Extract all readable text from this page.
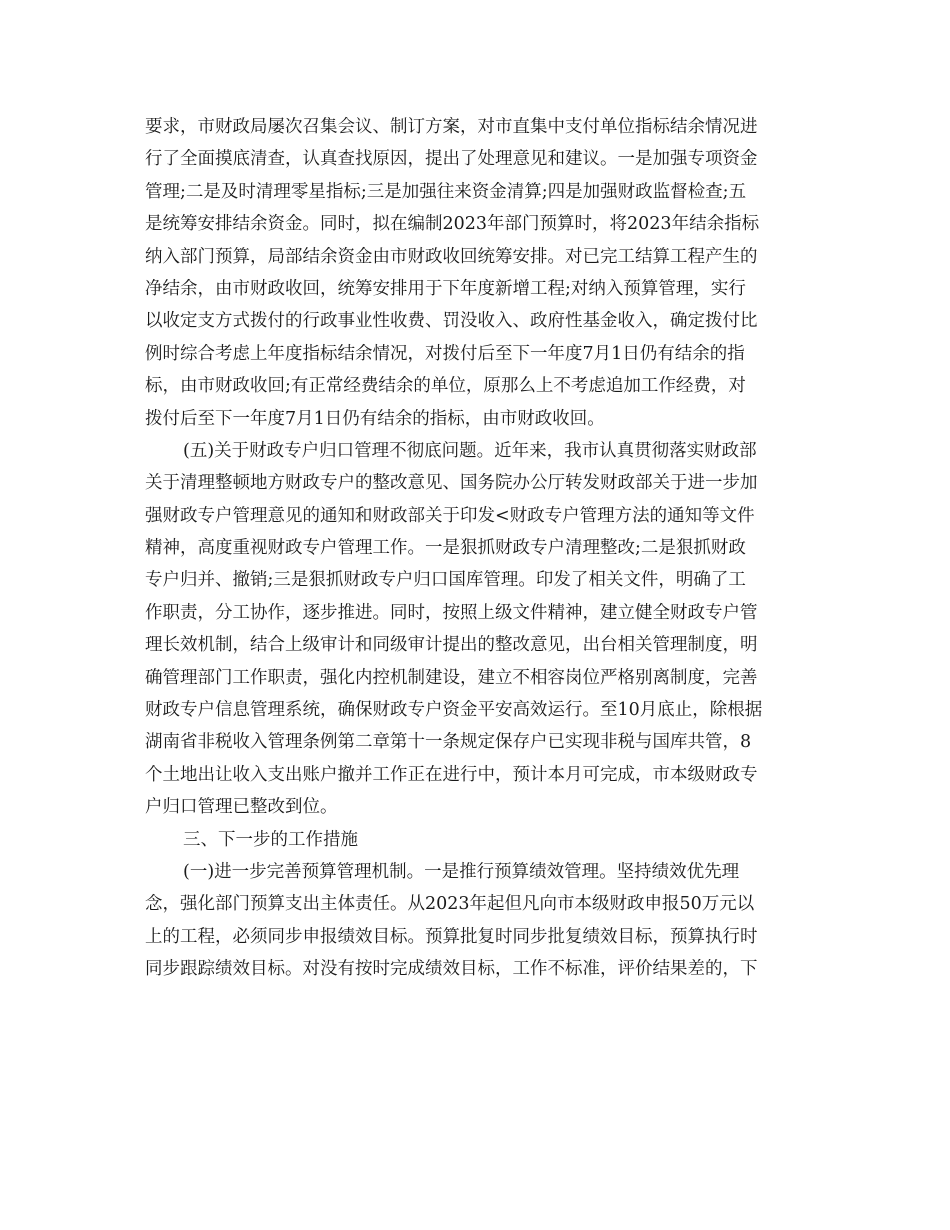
要求，市财政局屡次召集会议、制订方案，对市直集中支付单位指标结余情况进
行了全面摸底清查，认真查找原因，提出了处理意见和建议。一是加强专项资金
管理;二是及时清理零星指标;三是加强往来资金清算;四是加强财政监督检查;五
是统筹安排结余资金。同时，拟在编制2023年部门预算时，将2023年结余指标
纳入部门预算，局部结余资金由市财政收回统筹安排。对已完工结算工程产生的
净结余，由市财政收回，统筹安排用于下年度新增工程;对纳入预算管理，实行
以收定支方式拨付的行政事业性收费、罚没收入、政府性基金收入，确定拨付比
例时综合考虑上年度指标结余情况，对拨付后至下一年度7月1日仍有结余的指
标，由市财政收回;有正常经费结余的单位，原那么上不考虑追加工作经费，对
拨付后至下一年度7月1日仍有结余的指标，由市财政收回。
(五)关于财政专户归口管理不彻底问题。近年来，我市认真贯彻落实财政部
关于清理整顿地方财政专户的整改意见、国务院办公厅转发财政部关于进一步加
强财政专户管理意见的通知和财政部关于印发<财政专户管理方法的通知等文件
精神，高度重视财政专户管理工作。一是狠抓财政专户清理整改;二是狠抓财政
专户归并、撤销;三是狠抓财政专户归口国库管理。印发了相关文件，明确了工
作职责，分工协作，逐步推进。同时，按照上级文件精神，建立健全财政专户管
理长效机制，结合上级审计和同级审计提出的整改意见，出台相关管理制度，明
确管理部门工作职责，强化内控机制建设，建立不相容岗位严格别离制度，完善
财政专户信息管理系统，确保财政专户资金平安高效运行。至10月底止，除根据
湖南省非税收入管理条例第二章第十一条规定保存户已实现非税与国库共管，8
个土地出让收入支出账户撤并工作正在进行中，预计本月可完成，市本级财政专
户归口管理已整改到位。
三、下一步的工作措施
(一)进一步完善预算管理机制。一是推行预算绩效管理。坚持绩效优先理
念，强化部门预算支出主体责任。从2023年起但凡向市本级财政申报50万元以
上的工程，必须同步申报绩效目标。预算批复时同步批复绩效目标，预算执行时
同步跟踪绩效目标。对没有按时完成绩效目标，工作不标准，评价结果差的，下
